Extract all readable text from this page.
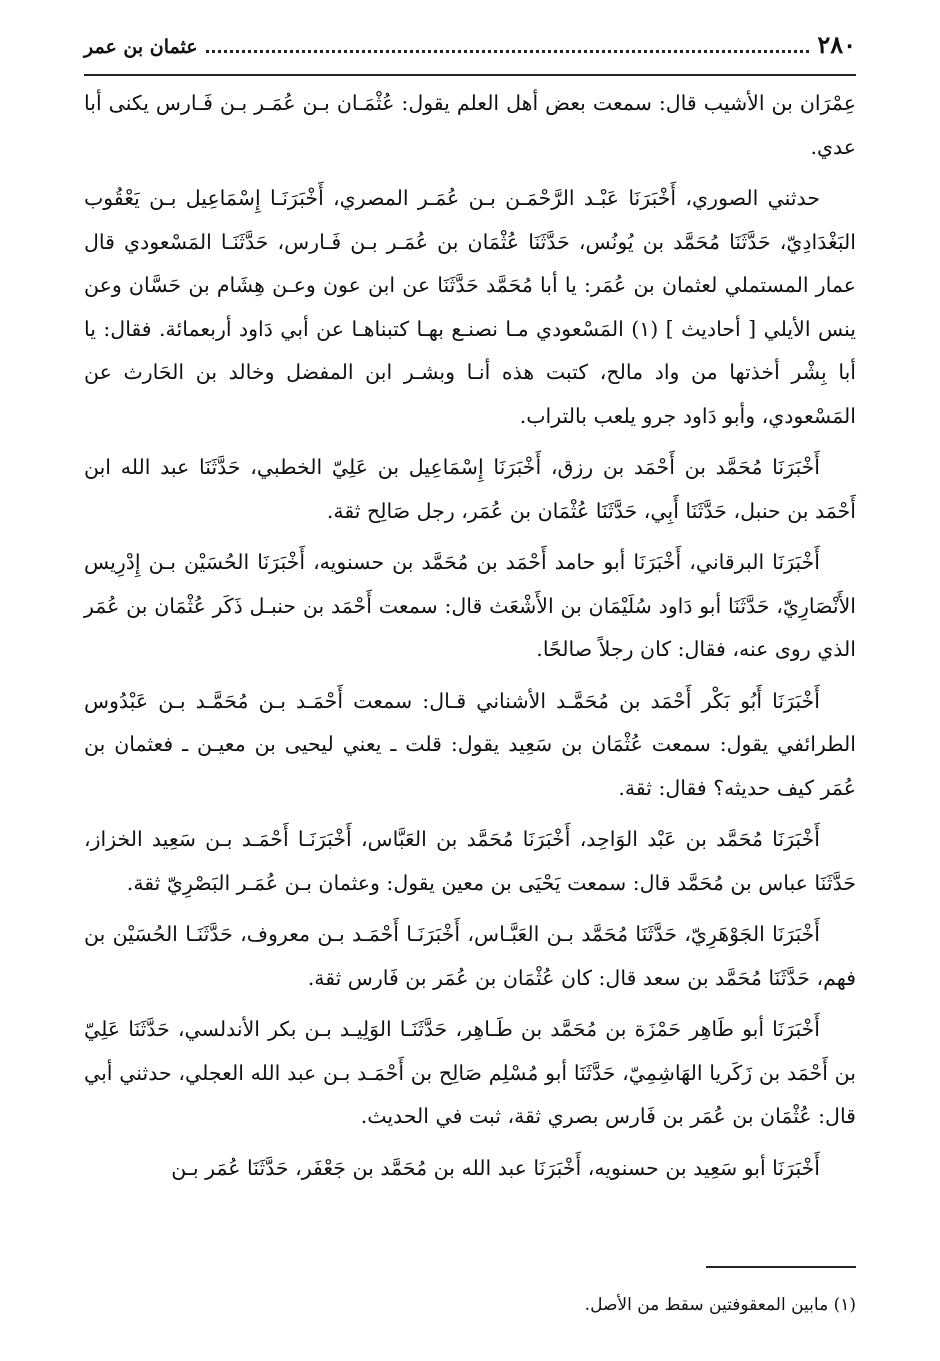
٢٨٠
عثمان بن عمر

عِمْرَان بن الأشيب قال: سمعت بعض أهل العلم يقول: عُثْمَـان بـن عُمَـر بـن فَـارس يكنى أبا عدي.

حدثني الصوري، أَخْبَرَنَا عَبْـد الرَّحْمَـن بـن عُمَـر المصري، أَخْبَرَنَـا إِسْمَاعِيل بـن يَعْقُوب البَغْدَادِيّ، حَدَّثَنَا مُحَمَّد بن يُونُس، حَدَّثَنَا عُثْمَان بن عُمَـر بـن فَـارس، حَدَّثَنَـا المَسْعودي قال عمار المستملي لعثمان بن عُمَر: يا أبا مُحَمَّد حَدَّثَنَا عن ابن عون وعـن هِشَام بن حَسَّان وعن ينس الأيلي [ أحاديث ] (١) المَسْعودي مـا نصنـع بهـا كتبناهـا عن أبي دَاود أربعمائة. فقال: يا أبا بِشْر أخذتها من واد مالح، كتبت هذه أنـا وبشـر ابن المفضل وخالد بن الحَارث عن المَسْعودي، وأبو دَاود جرو يلعب بالتراب.

أَخْبَرَنَا مُحَمَّد بن أَحْمَد بن رزق، أَخْبَرَنَا إِسْمَاعِيل بن عَلِيّ الخطبي، حَدَّثَنَا عبد الله ابن أَحْمَد بن حنبل، حَدَّثَنَا أَبِي، حَدَّثَنَا عُثْمَان بن عُمَر، رجل صَالِح ثقة.

أَخْبَرَنَا البرقاني، أَخْبَرَنَا أبو حامد أَحْمَد بن مُحَمَّد بن حسنويه، أَخْبَرَنَا الحُسَيْن بـن إِدْرِيس الأَنْصَارِيّ، حَدَّثَنَا أبو دَاود سُلَيْمَان بن الأَشْعَث قال: سمعت أَحْمَد بن حنبـل ذَكَر عُثْمَان بن عُمَر الذي روى عنه، فقال: كان رجلاً صالحًا.

أَخْبَرَنَا أَبُو بَكْر أَحْمَد بن مُحَمَّـد الأشناني قـال: سمعت أَحْمَـد بـن مُحَمَّـد بـن عَبْدُوس الطرائفي يقول: سمعت عُثْمَان بن سَعِيد يقول: قلت ـ يعني ليحيى بن معيـن ـ فعثمان بن عُمَر كيف حديثه؟ فقال: ثقة.

أَخْبَرَنَا مُحَمَّد بن عَبْد الوَاحِد، أَخْبَرَنَا مُحَمَّد بن العَبَّاس، أَخْبَرَنَـا أَحْمَـد بـن سَعِيد الخزاز، حَدَّثَنَا عباس بن مُحَمَّد قال: سمعت يَحْيَى بن معين يقول: وعثمان بـن عُمَـر البَصْرِيّ ثقة.

أَخْبَرَنَا الجَوْهَرِيّ، حَدَّثَنَا مُحَمَّد بـن العَبَّـاس، أَخْبَرَنَـا أَحْمَـد بـن معروف، حَدَّثَنَـا الحُسَيْن بن فهم، حَدَّثَنَا مُحَمَّد بن سعد قال: كان عُثْمَان بن عُمَر بن فَارس ثقة.

أَخْبَرَنَا أبو طَاهِر حَمْزَة بن مُحَمَّد بن طَـاهِر، حَدَّثَنَـا الوَلِيـد بـن بكر الأندلسي، حَدَّثَنَا عَلِيّ بن أَحْمَد بن زَكَريا الهَاشِمِيّ، حَدَّثَنَا أبو مُسْلِم صَالِح بن أَحْمَـد بـن عبد الله العجلي، حدثني أبي قال: عُثْمَان بن عُمَر بن فَارس بصري ثقة، ثبت في الحديث.

أَخْبَرَنَا أبو سَعِيد بن حسنويه، أَخْبَرَنَا عبد الله بن مُحَمَّد بن جَعْفَر، حَدَّثَنَا عُمَر بـن

(١) مابين المعقوفتين سقط من الأصل.
